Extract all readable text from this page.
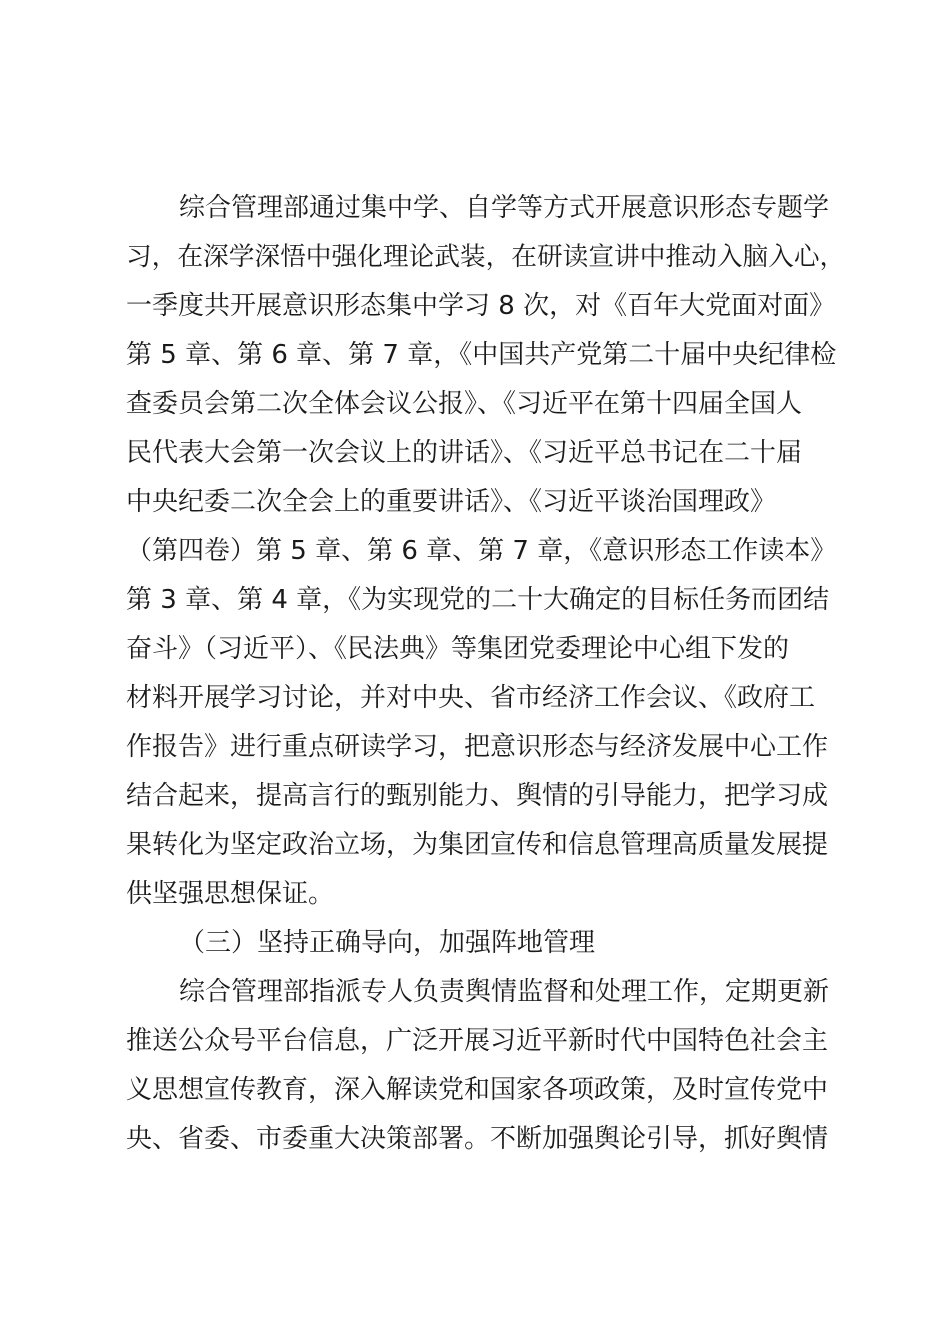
综合管理部通过集中学、自学等方式开展意识形态专题学
习，在深学深悟中强化理论武装，在研读宣讲中推动入脑入心，
一季度共开展意识形态集中学习 8 次，对《百年大党面对面》
第 5 章、第 6 章、第 7 章，《中国共产党第二十届中央纪律检
查委员会第二次全体会议公报》、《习近平在第十四届全国人
民代表大会第一次会议上的讲话》、《习近平总书记在二十届
中央纪委二次全会上的重要讲话》、《习近平谈治国理政》
（第四卷）第 5 章、第 6 章、第 7 章，《意识形态工作读本》
第 3 章、第 4 章，《为实现党的二十大确定的目标任务而团结
奋斗》（习近平）、《民法典》等集团党委理论中心组下发的
材料开展学习讨论，并对中央、省市经济工作会议、《政府工
作报告》进行重点研读学习，把意识形态与经济发展中心工作
结合起来，提高言行的甄别能力、舆情的引导能力，把学习成
果转化为坚定政治立场，为集团宣传和信息管理高质量发展提
供坚强思想保证。
（三）坚持正确导向，加强阵地管理
综合管理部指派专人负责舆情监督和处理工作，定期更新
推送公众号平台信息，广泛开展习近平新时代中国特色社会主
义思想宣传教育，深入解读党和国家各项政策，及时宣传党中
央、省委、市委重大决策部署。不断加强舆论引导，抓好舆情
